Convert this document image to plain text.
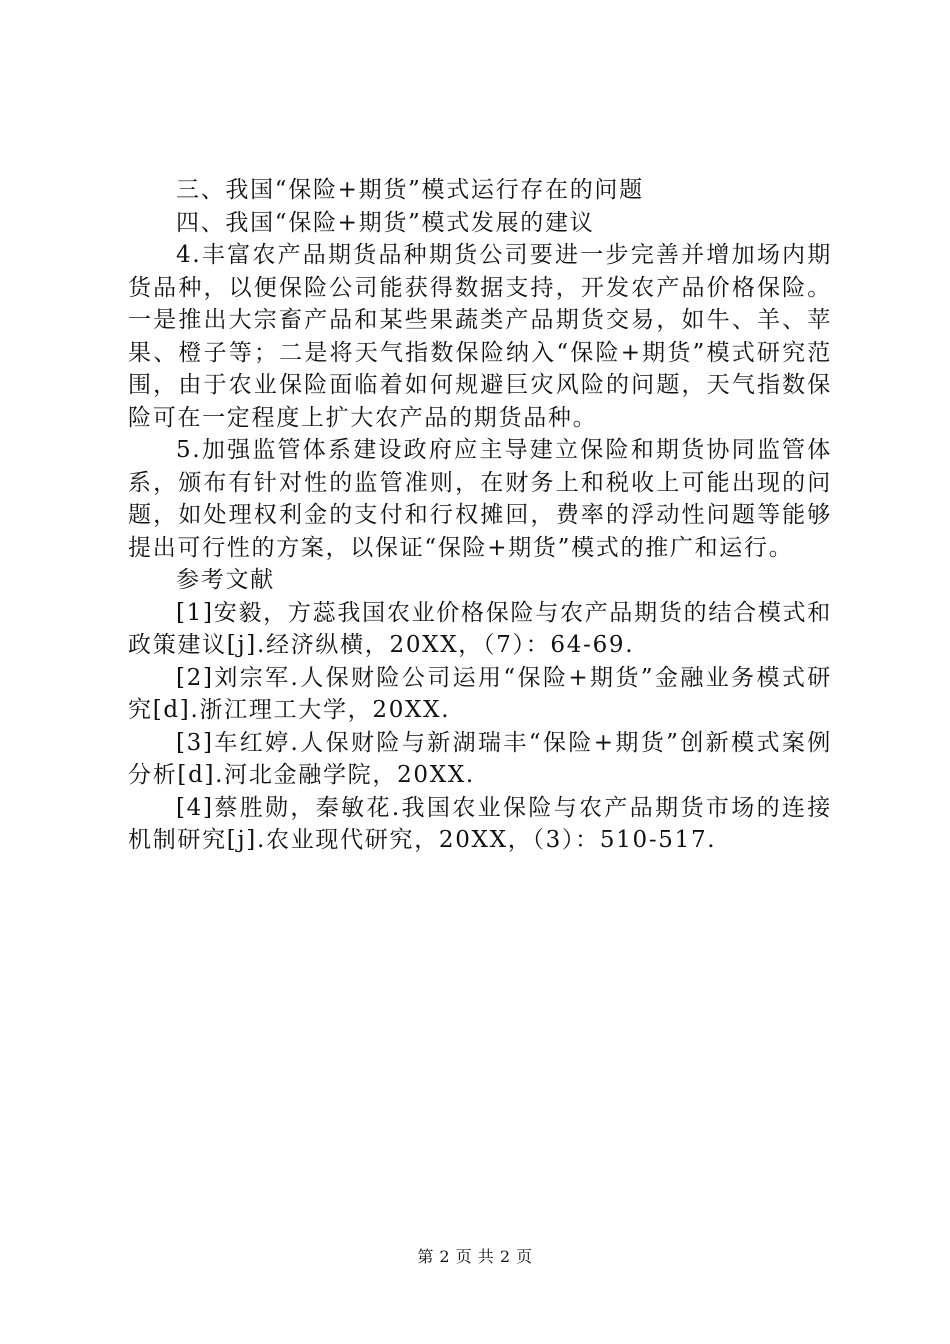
三、我国“保险+期货”模式运行存在的问题

四、我国“保险+期货”模式发展的建议

4.丰富农产品期货品种期货公司要进一步完善并增加场内期货品种，以便保险公司能获得数据支持，开发农产品价格保险。一是推出大宗畜产品和某些果蔬类产品期货交易，如牛、羊、苹果、橙子等；二是将天气指数保险纳入“保险+期货”模式研究范围，由于农业保险面临着如何规避巨灾风险的问题，天气指数保险可在一定程度上扩大农产品的期货品种。

5.加强监管体系建设政府应主导建立保险和期货协同监管体系，颁布有针对性的监管准则，在财务上和税收上可能出现的问题，如处理权利金的支付和行权摊回，费率的浮动性问题等能够提出可行性的方案，以保证“保险+期货”模式的推广和运行。

参考文献

[1]安毅，方蕊我国农业价格保险与农产品期货的结合模式和政策建议[j].经济纵横，20XX，（7）：64-69.

[2]刘宗军.人保财险公司运用“保险+期货”金融业务模式研究[d].浙江理工大学，20XX.

[3]车红婷.人保财险与新湖瑞丰“保险+期货”创新模式案例分析[d].河北金融学院，20XX.

[4]蔡胜勋，秦敏花.我国农业保险与农产品期货市场的连接机制研究[j].农业现代研究，20XX，（3）：510-517.

第 2 页 共 2 页
